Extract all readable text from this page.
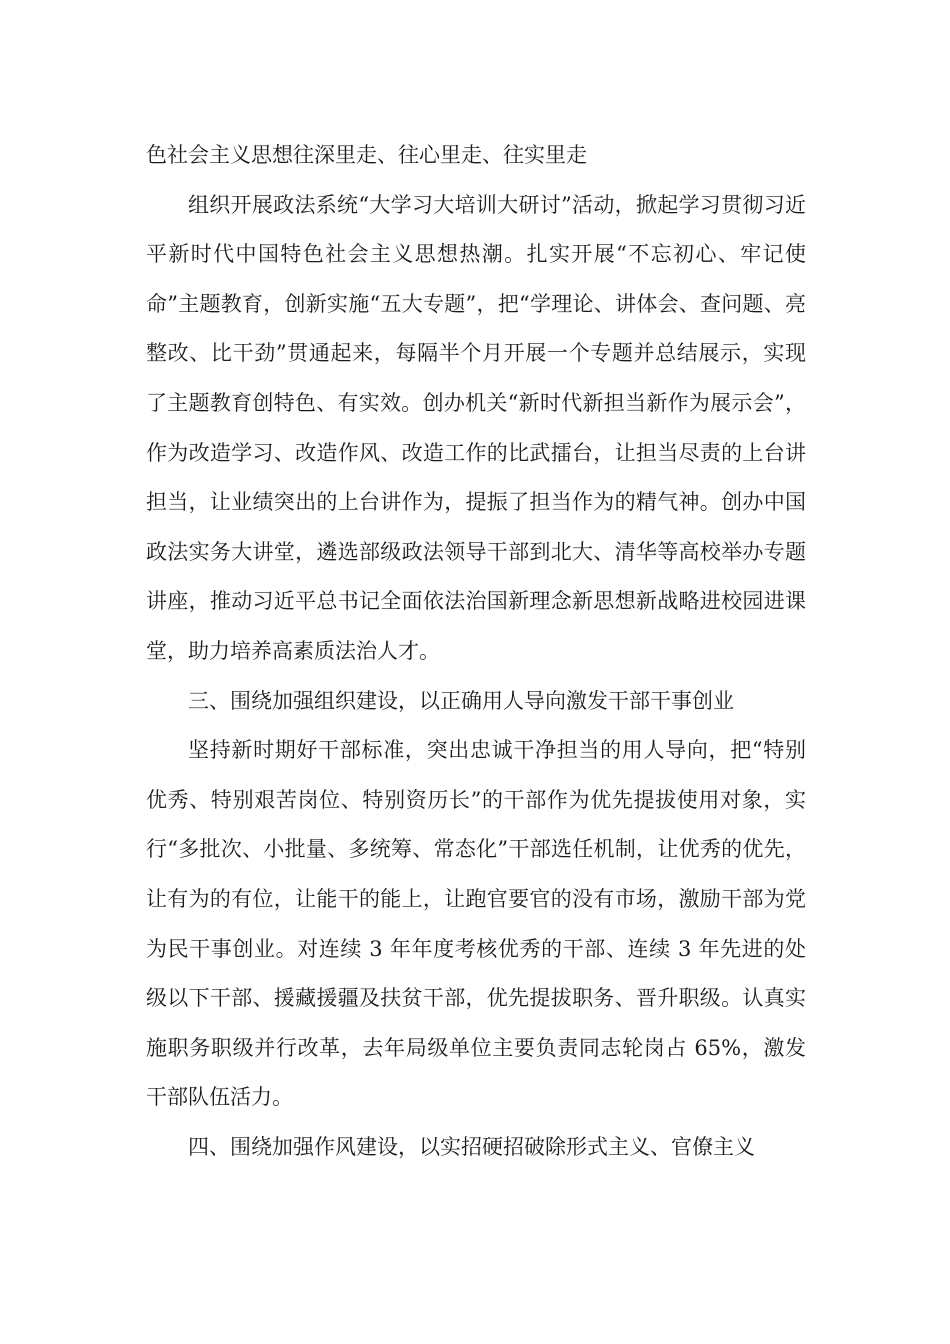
色社会主义思想往深里走、往心里走、往实里走

组织开展政法系统“大学习大培训大研讨”活动，掀起学习贯彻习近平新时代中国特色社会主义思想热潮。扎实开展“不忘初心、牢记使命”主题教育，创新实施“五大专题”，把“学理论、讲体会、查问题、亮整改、比干劲”贯通起来，每隔半个月开展一个专题并总结展示，实现了主题教育创特色、有实效。创办机关“新时代新担当新作为展示会”，作为改造学习、改造作风、改造工作的比武擂台，让担当尽责的上台讲担当，让业绩突出的上台讲作为，提振了担当作为的精气神。创办中国政法实务大讲堂，遴选部级政法领导干部到北大、清华等高校举办专题讲座，推动习近平总书记全面依法治国新理念新思想新战略进校园进课堂，助力培养高素质法治人才。

三、围绕加强组织建设，以正确用人导向激发干部干事创业

坚持新时期好干部标准，突出忠诚干净担当的用人导向，把“特别优秀、特别艰苦岗位、特别资历长”的干部作为优先提拔使用对象，实行“多批次、小批量、多统筹、常态化”干部选任机制，让优秀的优先，让有为的有位，让能干的能上，让跑官要官的没有市场，激励干部为党为民干事创业。对连续 3 年年度考核优秀的干部、连续 3 年先进的处级以下干部、援藏援疆及扶贫干部，优先提拔职务、晋升职级。认真实施职务职级并行改革，去年局级单位主要负责同志轮岗占 65%，激发干部队伍活力。

四、围绕加强作风建设，以实招硬招破除形式主义、官僚主义
